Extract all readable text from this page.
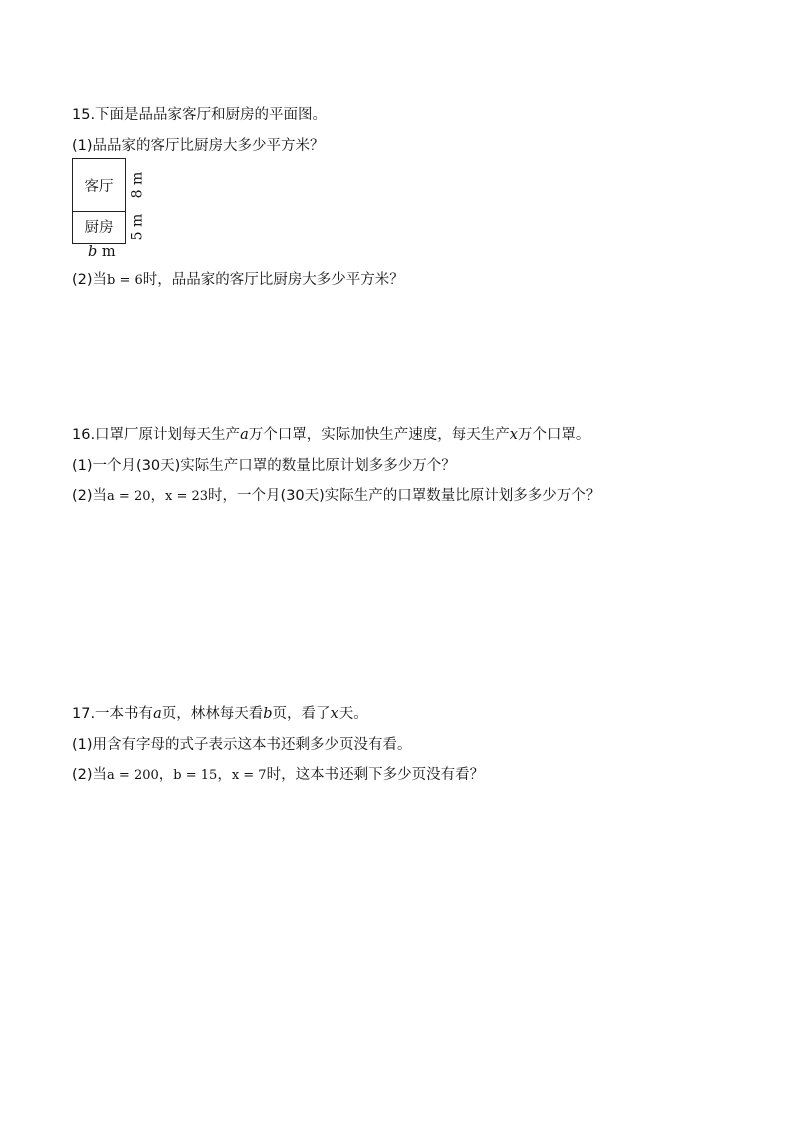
15.下面是品品家客厅和厨房的平面图。
(1)品品家的客厅比厨房大多少平方米？
客厅
厨房
8 m
5 m
b m
(2)当b = 6时，品品家的客厅比厨房大多少平方米？
16.口罩厂原计划每天生产a万个口罩，实际加快生产速度，每天生产x万个口罩。
(1)一个月(30天)实际生产口罩的数量比原计划多多少万个？
(2)当a = 20，x = 23时，一个月(30天)实际生产的口罩数量比原计划多多少万个？
17.一本书有a页，林林每天看b页，看了x天。
(1)用含有字母的式子表示这本书还剩多少页没有看。
(2)当a = 200，b = 15，x = 7时，这本书还剩下多少页没有看？
